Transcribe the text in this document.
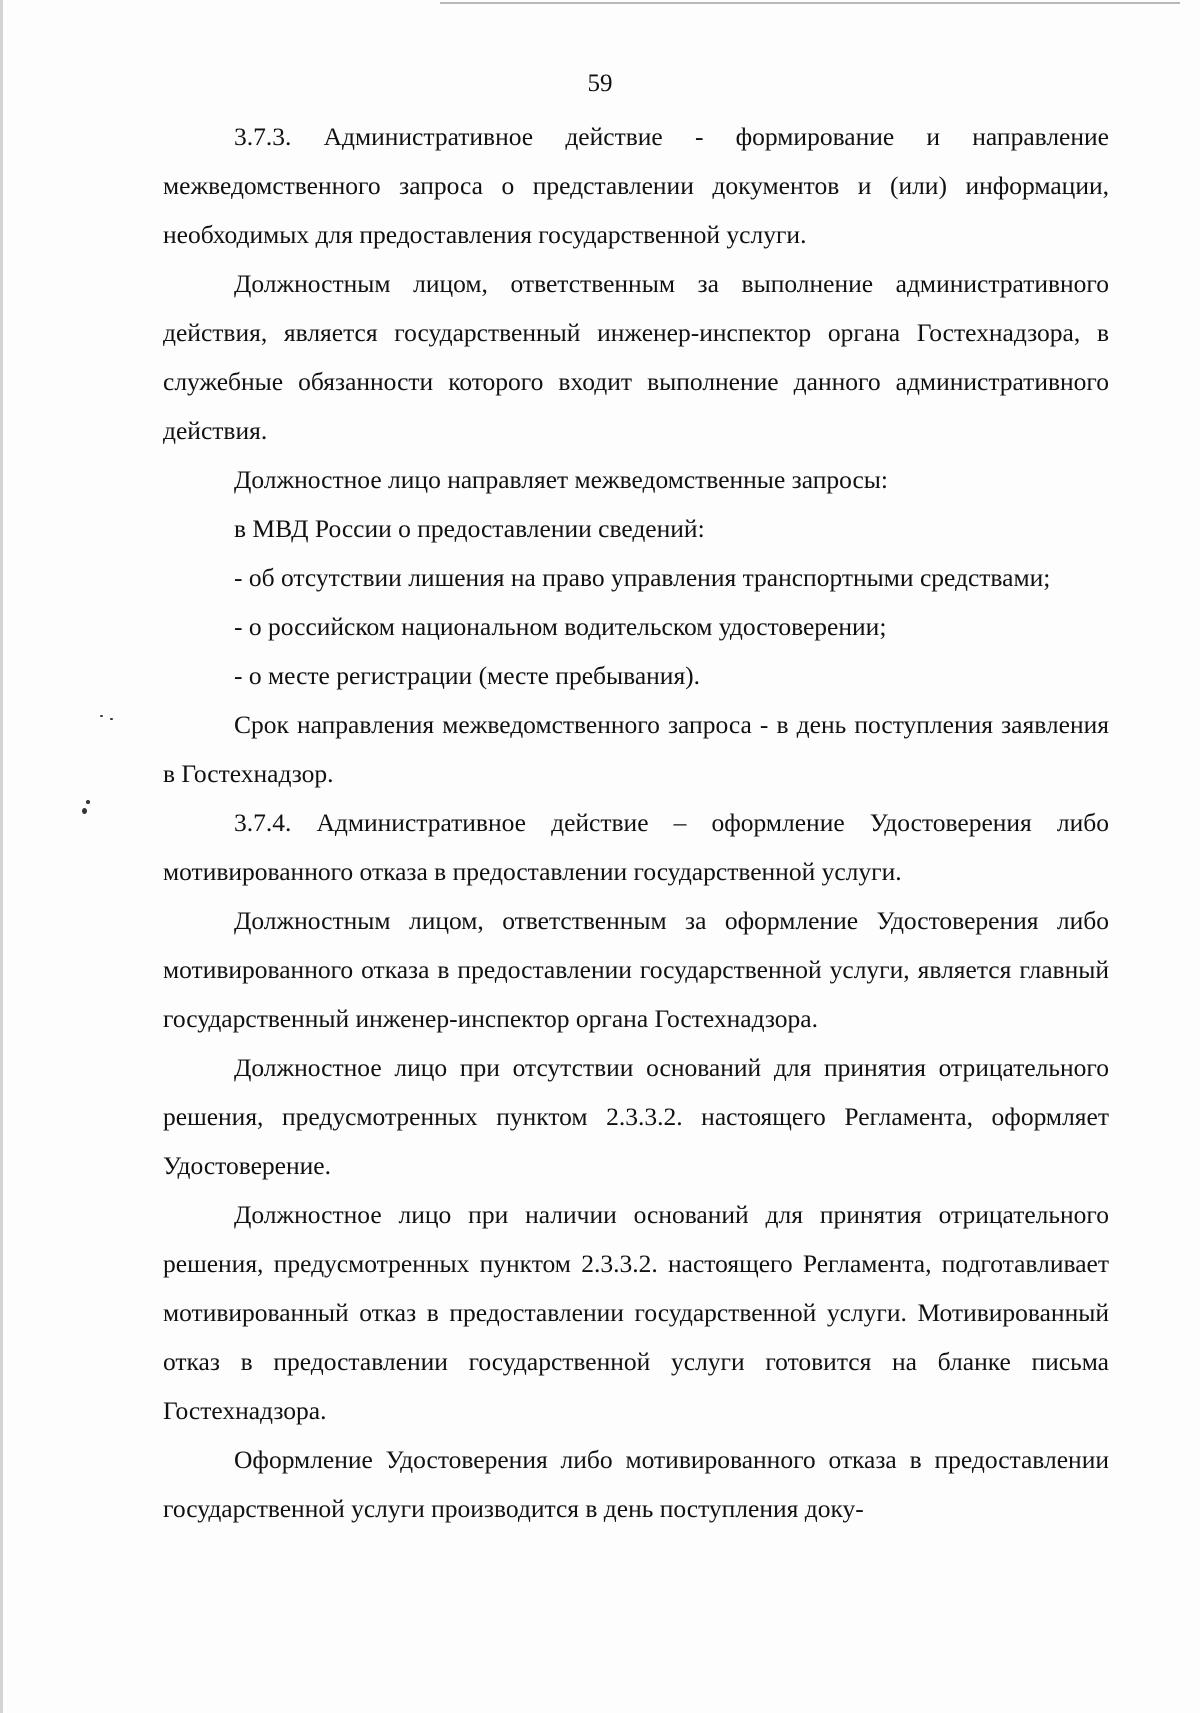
59

3.7.3. Административное действие - формирование и направление межведомственного запроса о представлении документов и (или) информации, необходимых для предоставления государственной услуги.

Должностным лицом, ответственным за выполнение административного действия, является государственный инженер-инспектор органа Гостехнадзора, в служебные обязанности которого входит выполнение данного административного действия.

Должностное лицо направляет межведомственные запросы:

в МВД России о предоставлении сведений:

- об отсутствии лишения на право управления транспортными средствами;

- о российском национальном водительском удостоверении;

- о месте регистрации (месте пребывания).

Срок направления межведомственного запроса - в день поступления заявления в Гостехнадзор.

3.7.4. Административное действие – оформление Удостоверения либо мотивированного отказа в предоставлении государственной услуги.

Должностным лицом, ответственным за оформление Удостоверения либо мотивированного отказа в предоставлении государственной услуги, является главный государственный инженер-инспектор органа Гостехнадзора.

Должностное лицо при отсутствии оснований для принятия отрицательного решения, предусмотренных пунктом 2.3.3.2. настоящего Регламента, оформляет Удостоверение.

Должностное лицо при наличии оснований для принятия отрицательного решения, предусмотренных пунктом 2.3.3.2. настоящего Регламента, подготавливает мотивированный отказ в предоставлении государственной услуги. Мотивированный отказ в предоставлении государственной услуги готовится на бланке письма Гостехнадзора.

Оформление Удостоверения либо мотивированного отказа в предоставлении государственной услуги производится в день поступления доку-
